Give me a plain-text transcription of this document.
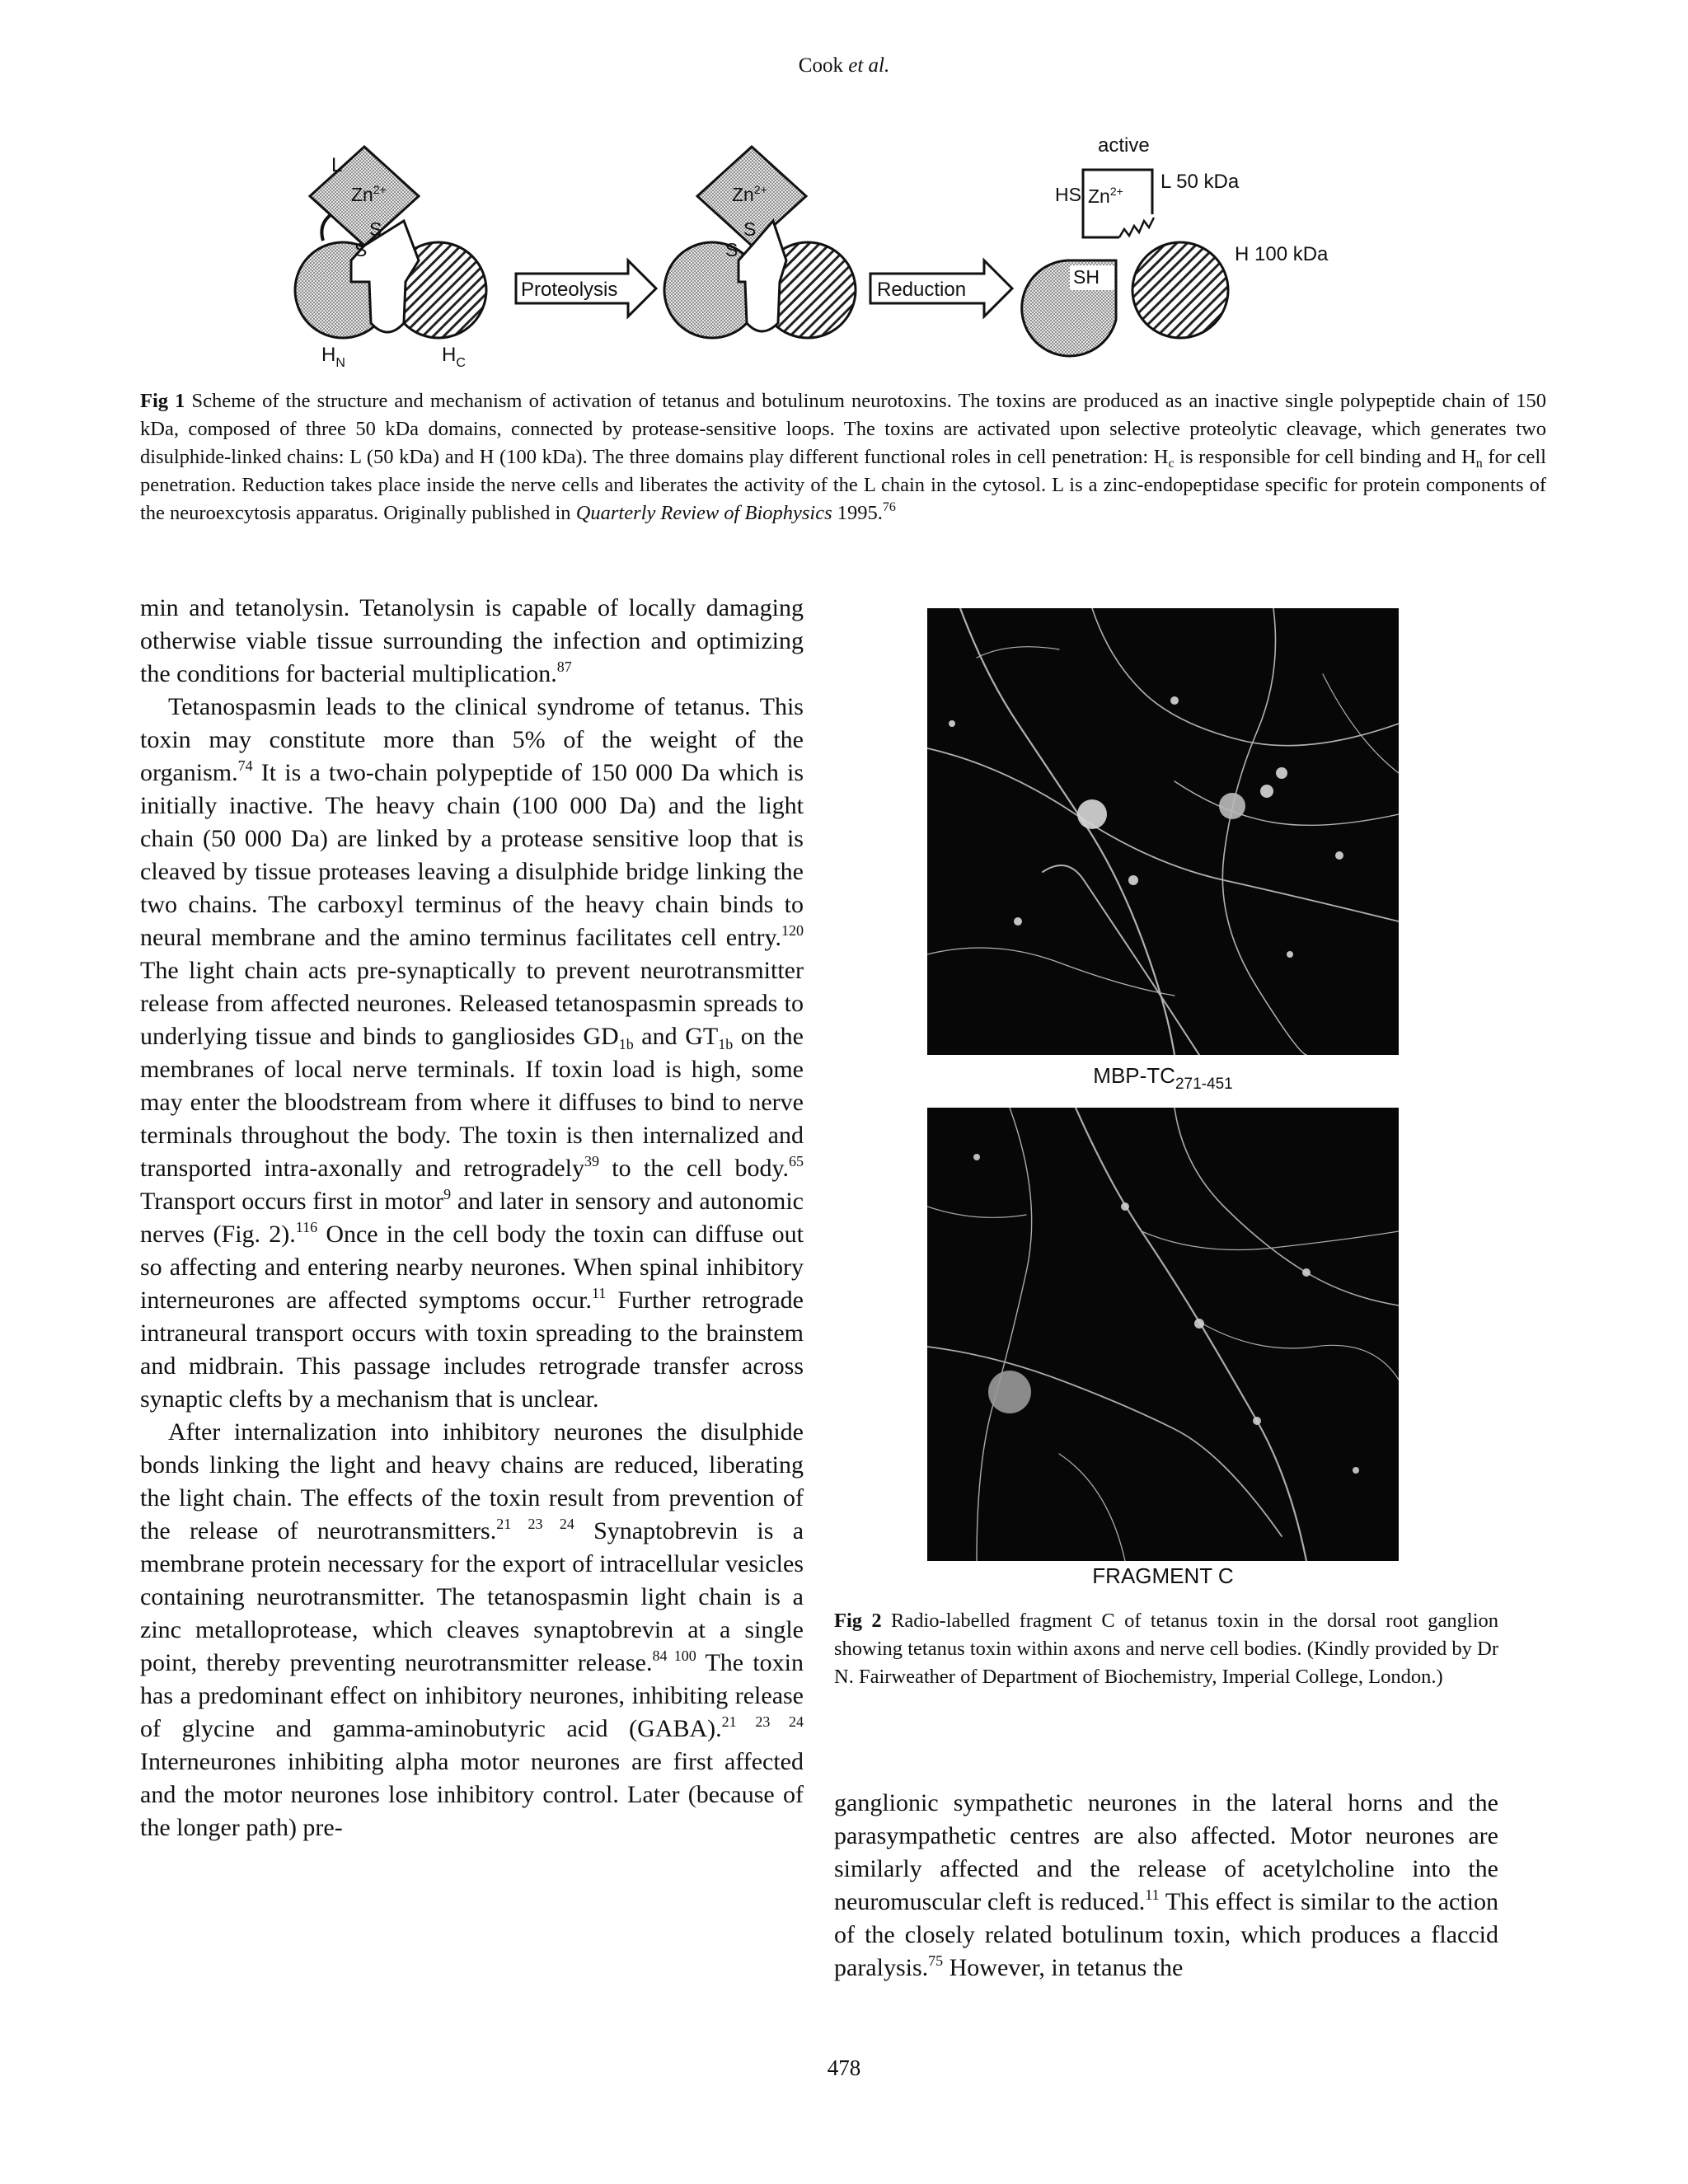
Cook et al.
L
$Zn^{2+}$
S
S
$H_N$	$H_C$
Proteolysis
$Zn^{2+}$
S
S
Reduction
active
HS $Zn^{2+}$ L 50 kDa
SH
H 100 kDa
Fig 1 Scheme of the structure and mechanism of activation of tetanus and botulinum neurotoxins. The toxins are produced as an inactive single polypeptide chain of 150 kDa, composed of three 50 kDa domains, connected by protease-sensitive loops. The toxins are activated upon selective proteolytic cleavage, which generates two disulphide-linked chains: L (50 kDa) and H (100 kDa). The three domains play different functional roles in cell penetration: $H_c$ is responsible for cell binding and $H_n$ for cell penetration. Reduction takes place inside the nerve cells and liberates the activity of the L chain in the cytosol. L is a zinc-endopeptidase specific for protein components of the neuroexcytosis apparatus. Originally published in Quarterly Review of Biophysics 1995.76

min and tetanolysin. Tetanolysin is capable of locally damaging otherwise viable tissue surrounding the infection and optimizing the conditions for bacterial multiplication.$^{87}$

Tetanospasmin leads to the clinical syndrome of tetanus. This toxin may constitute more than 5% of the weight of the organism.$^{74}$ It is a two-chain polypeptide of 150 000 Da which is initially inactive. The heavy chain (100 000 Da) and the light chain (50 000 Da) are linked by a protease sensitive loop that is cleaved by tissue proteases leaving a disulphide bridge linking the two chains. The carboxyl terminus of the heavy chain binds to neural membrane and the amino terminus facilitates cell entry.$^{120}$ The light chain acts pre-synaptically to prevent neurotransmitter release from affected neurones. Released tetanospasmin spreads to underlying tissue and binds to gangliosides $GD_{1b}$ and $GT_{1b}$ on the membranes of local nerve terminals. If toxin load is high, some may enter the bloodstream from where it diffuses to bind to nerve terminals throughout the body. The toxin is then internalized and transported intra-axonally and retrogradely$^{39}$ to the cell body.$^{65}$ Transport occurs first in motor$^9$ and later in sensory and autonomic nerves (Fig. 2).$^{116}$ Once in the cell body the toxin can diffuse out so affecting and entering nearby neurones. When spinal inhibitory interneurones are affected symptoms occur.$^{11}$ Further retrograde intraneural transport occurs with toxin spreading to the brainstem and midbrain. This passage includes retrograde transfer across synaptic clefts by a mechanism that is unclear.

After internalization into inhibitory neurones the disulphide bonds linking the light and heavy chains are reduced, liberating the light chain. The effects of the toxin result from prevention of the release of neurotransmitters.$^{21 23 24}$ Synaptobrevin is a membrane protein necessary for the export of intracellular vesicles containing neurotransmitter. The tetanospasmin light chain is a zinc metalloprotease, which cleaves synaptobrevin at a single point, thereby preventing neurotransmitter release.$^{84 100}$ The toxin has a predominant effect on inhibitory neurones, inhibiting release of glycine and gamma-aminobutyric acid (GABA).$^{21 23 24}$ Interneurones inhibiting alpha motor neurones are first affected and the motor neurones lose inhibitory control. Later (because of the longer path) pre-

MBP-$TC_{271-451}$
FRAGMENT C
Fig 2 Radio-labelled fragment C of tetanus toxin in the dorsal root ganglion showing tetanus toxin within axons and nerve cell bodies. (Kindly provided by Dr N. Fairweather of Department of Biochemistry, Imperial College, London.)

ganglionic sympathetic neurones in the lateral horns and the parasympathetic centres are also affected. Motor neurones are similarly affected and the release of acetylcholine into the neuromuscular cleft is reduced.$^{11}$ This effect is similar to the action of the closely related botulinum toxin, which produces a flaccid paralysis.$^{75}$ However, in tetanus the

478
